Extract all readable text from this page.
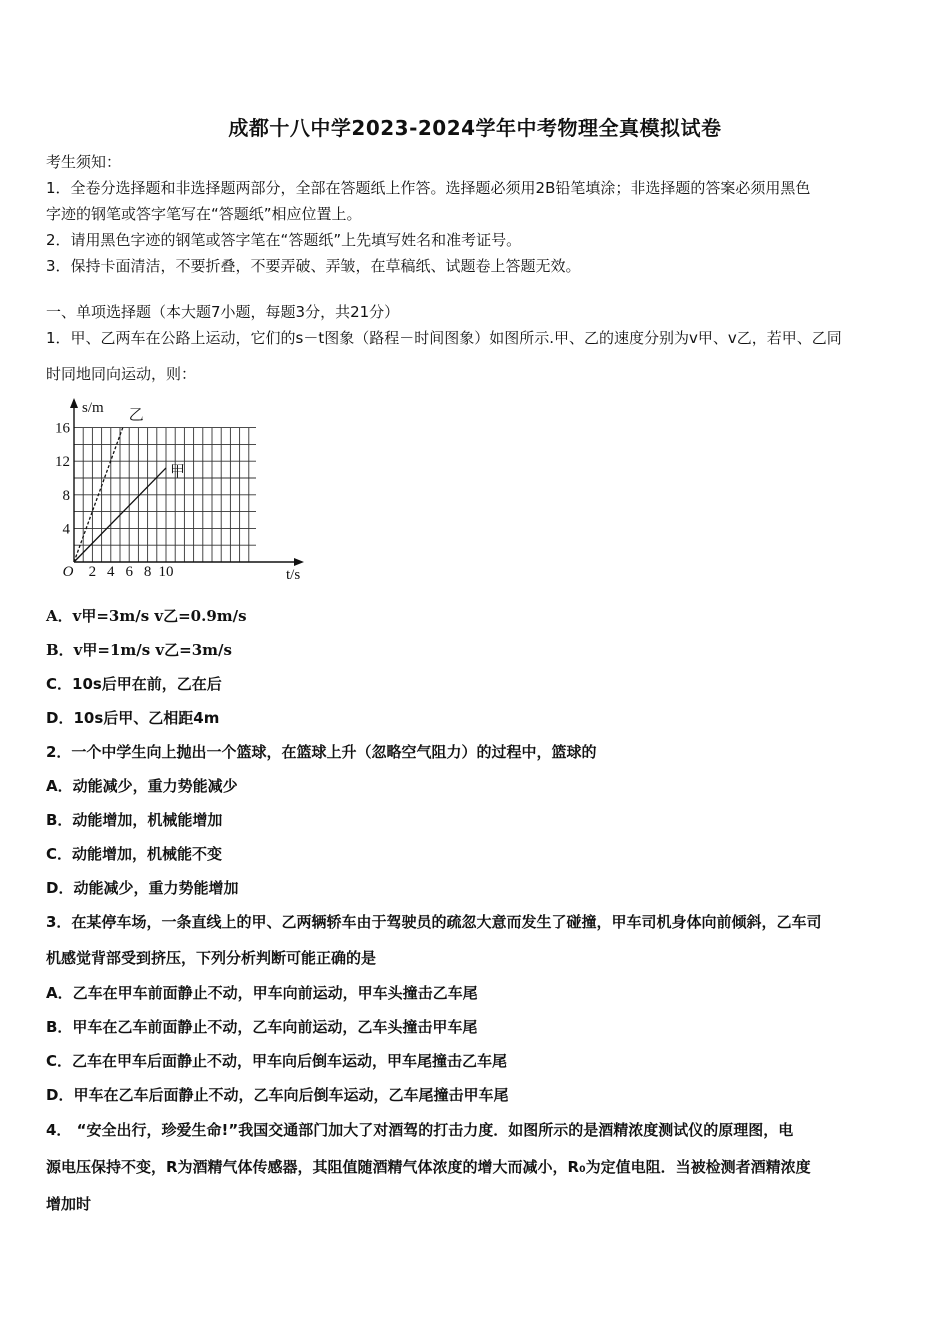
成都十八中学2023-2024学年中考物理全真模拟试卷
考生须知：
1．全卷分选择题和非选择题两部分，全部在答题纸上作答。选择题必须用2B铅笔填涂；非选择题的答案必须用黑色
字迹的钢笔或答字笔写在“答题纸”相应位置上。
2．请用黑色字迹的钢笔或答字笔在“答题纸”上先填写姓名和准考证号。
3．保持卡面清洁，不要折叠，不要弄破、弄皱，在草稿纸、试题卷上答题无效。
一、单项选择题（本大题7小题，每题3分，共21分）
1．甲、乙两车在公路上运动，它们的s－t图象（路程－时间图象）如图所示.甲、乙的速度分别为v甲、v乙，若甲、乙同
时同地同向运动，则：
4
8
12
16
2 4 6 8 10
O
s/m
t/s
乙
甲
A．v甲=3m/s v乙=0.9m/s
B．v甲=1m/s v乙=3m/s
C．10s后甲在前，乙在后
D．10s后甲、乙相距4m
2．一个中学生向上抛出一个篮球，在篮球上升（忽略空气阻力）的过程中，篮球的
A．动能减少，重力势能减少
B．动能增加，机械能增加
C．动能增加，机械能不变
D．动能减少，重力势能增加
3．在某停车场，一条直线上的甲、乙两辆轿车由于驾驶员的疏忽大意而发生了碰撞，甲车司机身体向前倾斜，乙车司
机感觉背部受到挤压，下列分析判断可能正确的是
A．乙车在甲车前面静止不动，甲车向前运动，甲车头撞击乙车尾
B．甲车在乙车前面静止不动，乙车向前运动，乙车头撞击甲车尾
C．乙车在甲车后面静止不动，甲车向后倒车运动，甲车尾撞击乙车尾
D．甲车在乙车后面静止不动，乙车向后倒车运动，乙车尾撞击甲车尾
4． “安全出行，珍爱生命!”我国交通部门加大了对酒驾的打击力度．如图所示的是酒精浓度测试仪的原理图，电
源电压保持不变，R为酒精气体传感器，其阻值随酒精气体浓度的增大而减小，R₀为定值电阻．当被检测者酒精浓度
增加时
